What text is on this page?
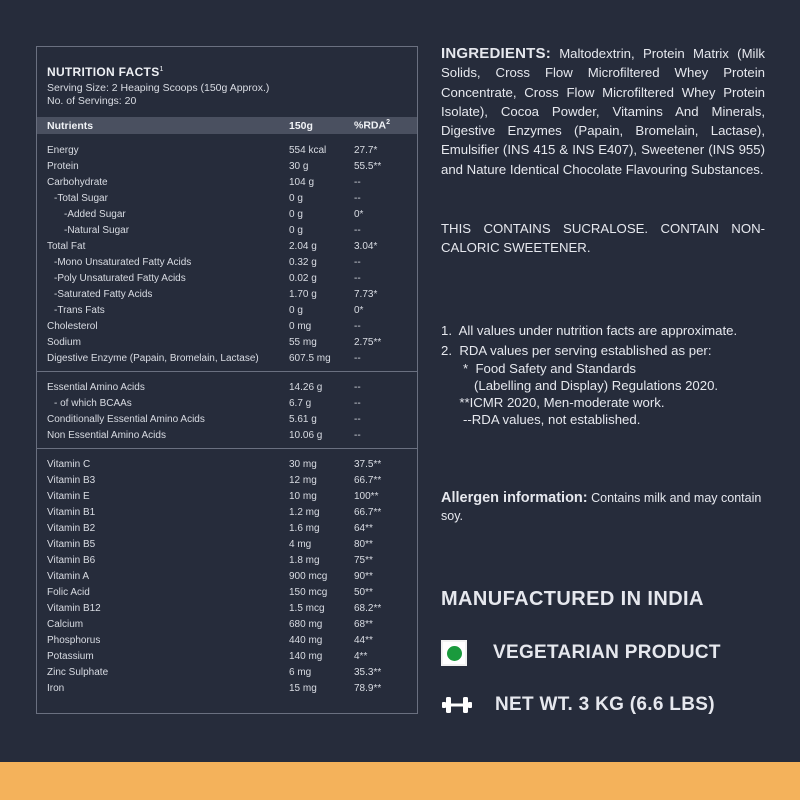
NUTRITION FACTS$^1$
Serving Size: 2 Heaping Scoops (150g Approx.)
No. of Servings: 20
Nutrients	150g	%RDA$^2$
Energy	554 kcal	27.7*
Protein	30 g	55.5**
Carbohydrate	104 g	--
-Total Sugar	0 g	--
-Added Sugar	0 g	0*
-Natural Sugar	0 g	--
Total Fat	2.04 g	3.04*
-Mono Unsaturated Fatty Acids	0.32 g	--
-Poly Unsaturated Fatty Acids	0.02 g	--
-Saturated Fatty Acids	1.70 g	7.73*
-Trans Fats	0 g	0*
Cholesterol	0 mg	--
Sodium	55 mg	2.75**
Digestive Enzyme (Papain, Bromelain, Lactase)	607.5 mg	--
Essential Amino Acids	14.26 g	--
- of which BCAAs	6.7 g	--
Conditionally Essential Amino Acids	5.61 g	--
Non Essential Amino Acids	10.06 g	--
Vitamin C	30 mg	37.5**
Vitamin B3	12 mg	66.7**
Vitamin E	10 mg	100**
Vitamin B1	1.2 mg	66.7**
Vitamin B2	1.6 mg	64**
Vitamin B5	4 mg	80**
Vitamin B6	1.8 mg	75**
Vitamin A	900 mcg	90**
Folic Acid	150 mcg	50**
Vitamin B12	1.5 mcg	68.2**
Calcium	680 mg	68**
Phosphorus	440 mg	44**
Potassium	140 mg	4**
Zinc Sulphate	6 mg	35.3**
Iron	15 mg	78.9**
INGREDIENTS: Maltodextrin, Protein Matrix (Milk Solids, Cross Flow Microfiltered Whey Protein Concentrate, Cross Flow Microfiltered Whey Protein Isolate), Cocoa Powder, Vitamins And Minerals, Digestive Enzymes (Papain, Bromelain, Lactase), Emulsifier (INS 415 & INS E407), Sweetener (INS 955) and Nature Identical Chocolate Flavouring Substances.
THIS CONTAINS SUCRALOSE. CONTAIN NON-CALORIC SWEETENER.
1.  All values under nutrition facts are approximate.
2.  RDA values per serving established as per:
*  Food Safety and Standards
(Labelling and Display) Regulations 2020.
**ICMR 2020, Men-moderate work.
--RDA values, not established.
Allergen information: Contains milk and may contain soy.
MANUFACTURED IN INDIA
VEGETARIAN PRODUCT
NET WT. 3 KG (6.6 LBS)
